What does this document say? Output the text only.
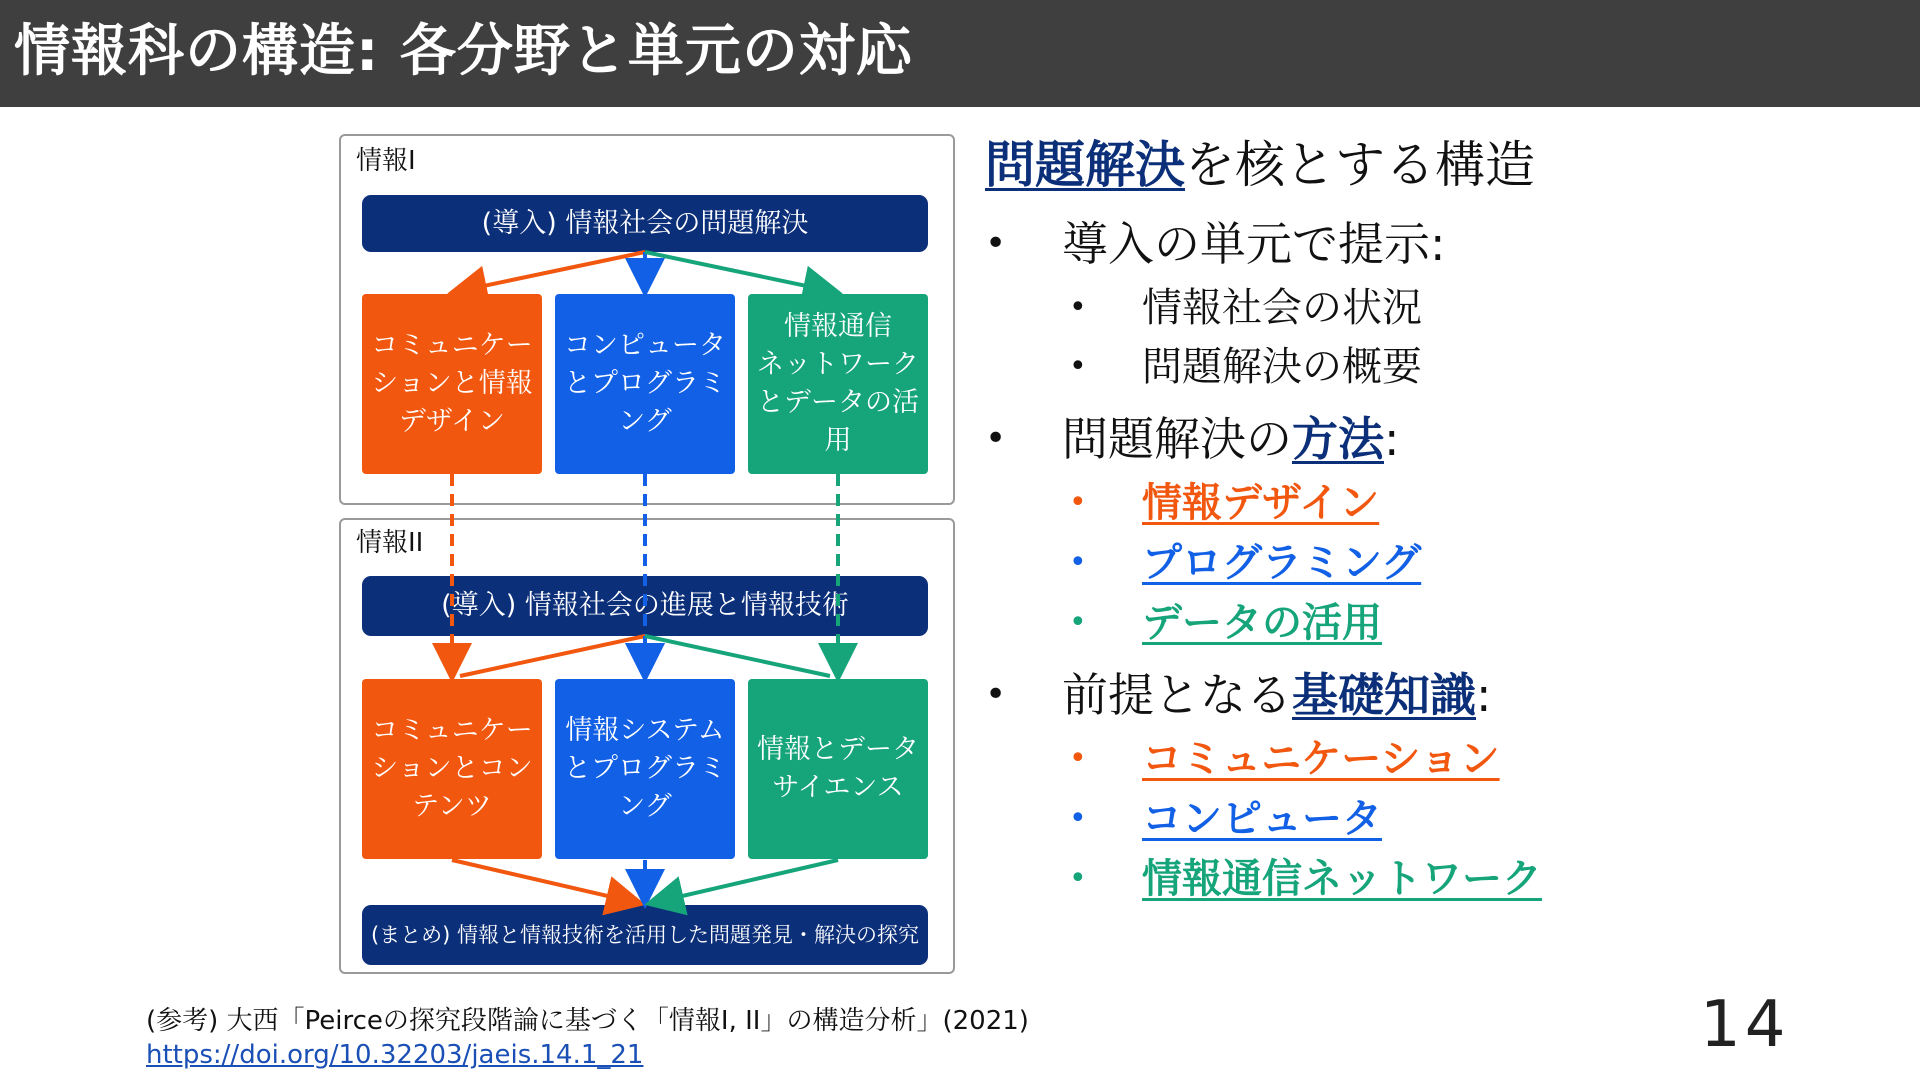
情報科の構造: 各分野と単元の対応
情報I
情報II
(導入) 情報社会の問題解決
(導入) 情報社会の進展と情報技術
(まとめ) 情報と情報技術を活用した問題発見・解決の探究
コミュニケー
ションと情報
デザイン
コンピュータ
とプログラミ
ング
情報通信
ネットワーク
とデータの活
用
コミュニケー
ションとコン
テンツ
情報システム
とプログラミ
ング
情報とデータ
サイエンス
問題解決を核とする構造
• 導入の単元で提示:
• 情報社会の状況
• 問題解決の概要
• 問題解決の方法:
• 情報デザイン
• プログラミング
• データの活用
• 前提となる基礎知識:
• コミュニケーション
• コンピュータ
• 情報通信ネットワーク
(参考) 大西「Peirceの探究段階論に基づく「情報I, II」の構造分析」(2021)
https://doi.org/10.32203/jaeis.14.1_21	14
